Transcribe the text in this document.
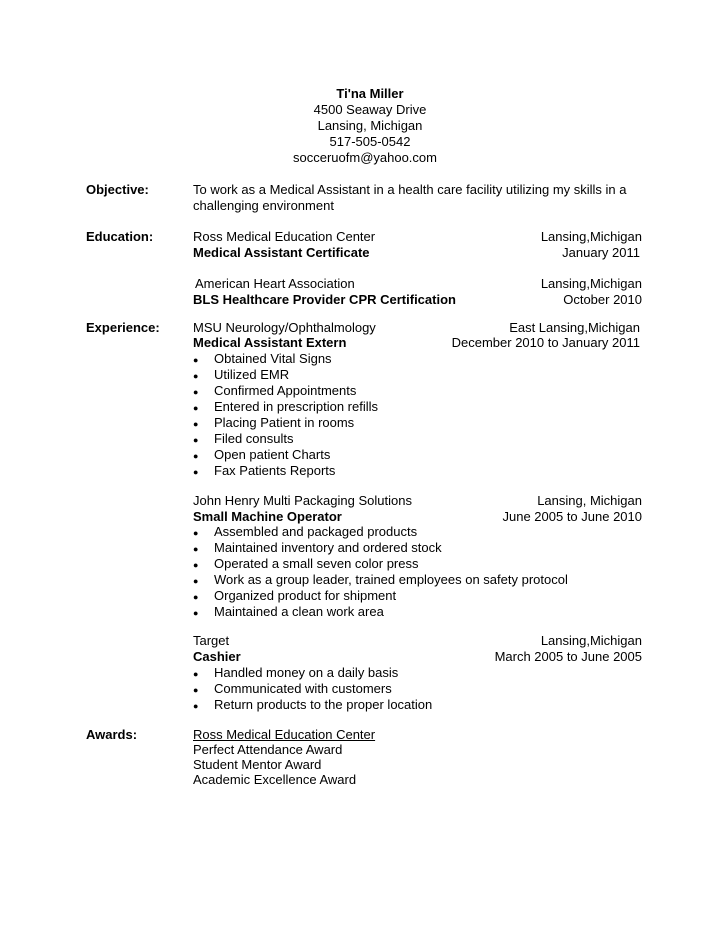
Ti'na Miller
4500 Seaway Drive
Lansing, Michigan
517-505-0542
socceruofm@yahoo.com
Objective:	To work as a Medical Assistant in a health care facility utilizing my skills in a
challenging environment
Education:	Ross Medical Education Center	Lansing,Michigan
Medical Assistant Certificate	January 2011
American Heart Association	Lansing,Michigan
BLS Healthcare Provider CPR Certification	October 2010
Experience:	MSU Neurology/Ophthalmology	East Lansing,Michigan
Medical Assistant Extern	December 2010 to January 2011
● Obtained Vital Signs
● Utilized EMR
● Confirmed Appointments
● Entered in prescription refills
● Placing Patient in rooms
● Filed consults
● Open patient Charts
● Fax Patients Reports
John Henry Multi Packaging Solutions	Lansing, Michigan
Small Machine Operator	June 2005 to June 2010
● Assembled and packaged products
● Maintained inventory and ordered stock
● Operated a small seven color press
● Work as a group leader, trained employees on safety protocol
● Organized product for shipment
● Maintained a clean work area
Target	Lansing,Michigan
Cashier	March 2005 to June 2005
● Handled money on a daily basis
● Communicated with customers
● Return products to the proper location
Awards:	Ross Medical Education Center
Perfect Attendance Award
Student Mentor Award
Academic Excellence Award
